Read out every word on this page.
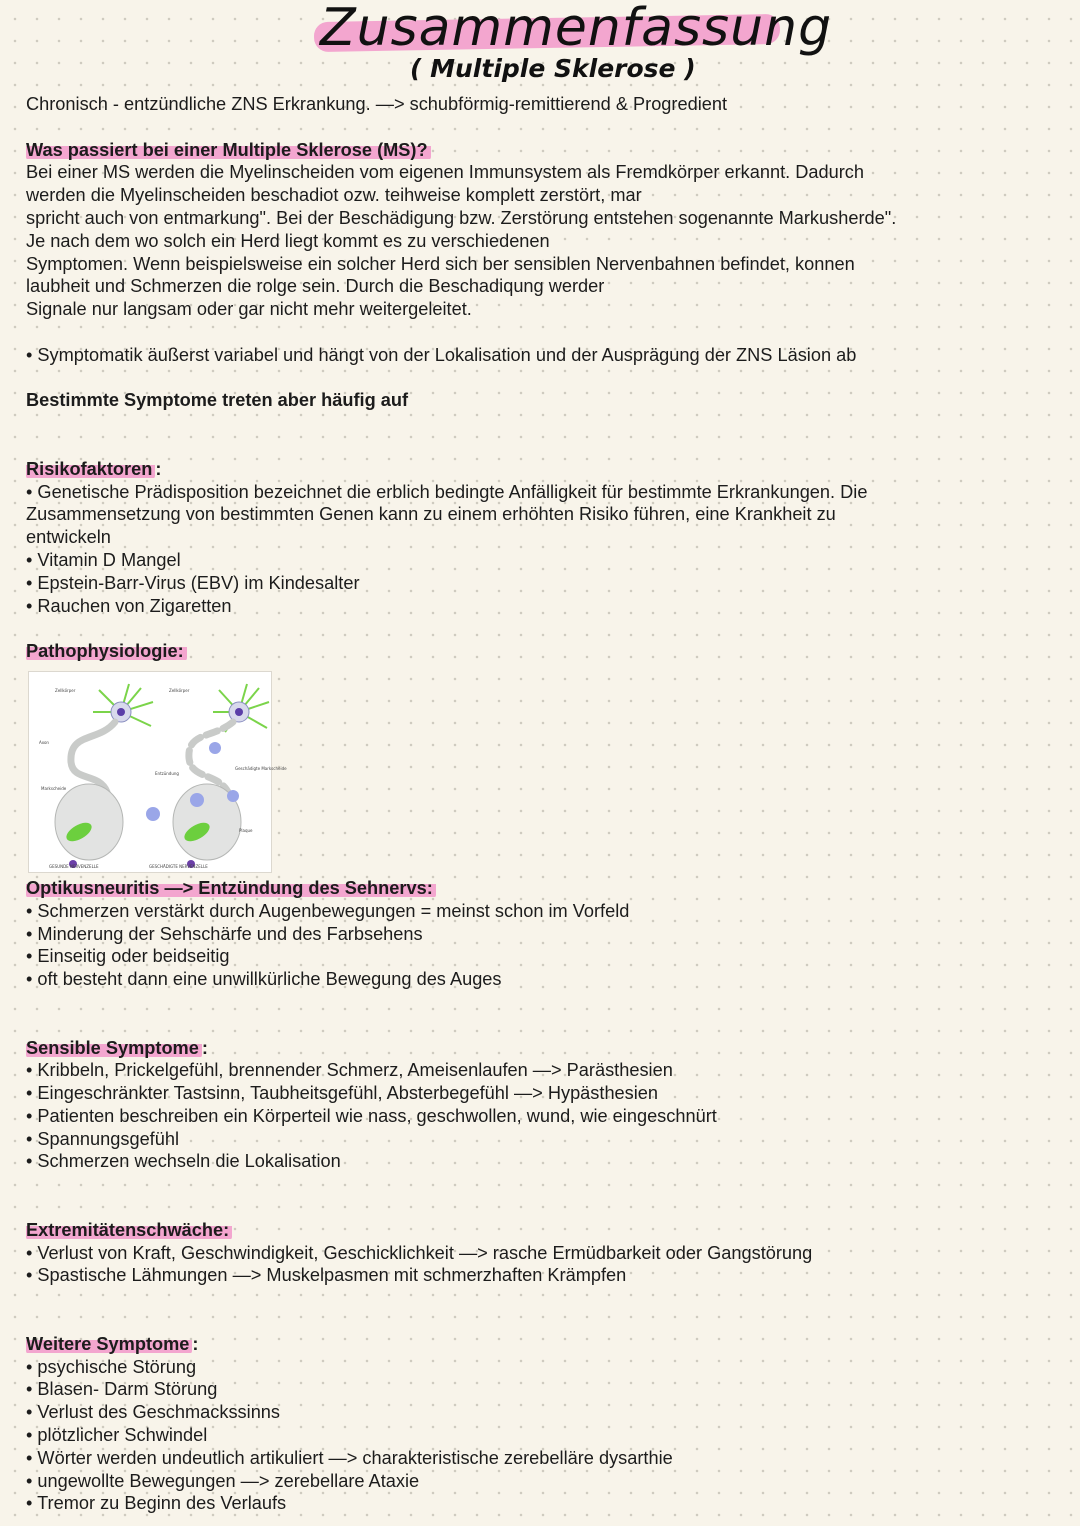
Zusammenfassung
( Multiple Sklerose )

Chronisch - entzündliche ZNS Erkrankung. —> schubförmig-remittierend & Progredient

Was passiert bei einer Multiple Sklerose (MS)?

Bei einer MS werden die Myelinscheiden vom eigenen Immunsystem als Fremdkörper erkannt. Dadurch

werden die Myelinscheiden beschadiot ozw. teihweise komplett zerstört, mar

spricht auch von entmarkung". Bei der Beschädigung bzw. Zerstörung entstehen sogenannte Markusherde".

Je nach dem wo solch ein Herd liegt kommt es zu verschiedenen

Symptomen. Wenn beispielsweise ein solcher Herd sich ber sensiblen Nervenbahnen befindet, konnen

laubheit und Schmerzen die rolge sein. Durch die Beschadiqung werder

Signale nur langsam oder gar nicht mehr weitergeleitet.

• Symptomatik äußerst variabel und hängt von der Lokalisation und der Ausprägung der ZNS Läsion ab

Bestimmte Symptome treten aber häufig auf

Risikofaktoren :

• Genetische Prädisposition bezeichnet die erblich bedingte Anfälligkeit für bestimmte Erkrankungen. Die

Zusammensetzung von bestimmten Genen kann zu einem erhöhten Risiko führen, eine Krankheit zu

entwickeln

• Vitamin D Mangel

• Epstein-Barr-Virus (EBV) im Kindesalter

• Rauchen von Zigaretten

Pathophysiologie:

Zellkörper	Zellkörper Axon Markscheide Entzündung Geschädigte Markscheide Plaque GESUNDE NERVENZELLE	GESCHÄDIGTE NERVENZELLE

Optikusneuritis —> Entzündung des Sehnervs:

• Schmerzen verstärkt durch Augenbewegungen = meinst schon im Vorfeld

• Minderung der Sehschärfe und des Farbsehens

• Einseitig oder beidseitig

• oft besteht dann eine unwillkürliche Bewegung des Auges

Sensible Symptome :

• Kribbeln, Prickelgefühl, brennender Schmerz, Ameisenlaufen —> Parästhesien

• Eingeschränkter Tastsinn, Taubheitsgefühl, Absterbegefühl —> Hypästhesien

• Patienten beschreiben ein Körperteil wie nass, geschwollen, wund, wie eingeschnürt

• Spannungsgefühl

• Schmerzen wechseln die Lokalisation

Extremitätenschwäche:

• Verlust von Kraft, Geschwindigkeit, Geschicklichkeit —> rasche Ermüdbarkeit oder Gangstörung

• Spastische Lähmungen —> Muskelpasmen mit schmerzhaften Krämpfen

Weitere Symptome :

• psychische Störung

• Blasen- Darm Störung

• Verlust des Geschmackssinns

• plötzlicher Schwindel

• Wörter werden undeutlich artikuliert —> charakteristische zerebelläre dysarthie

• ungewollte Bewegungen —> zerebellare Ataxie

• Tremor zu Beginn des Verlaufs
